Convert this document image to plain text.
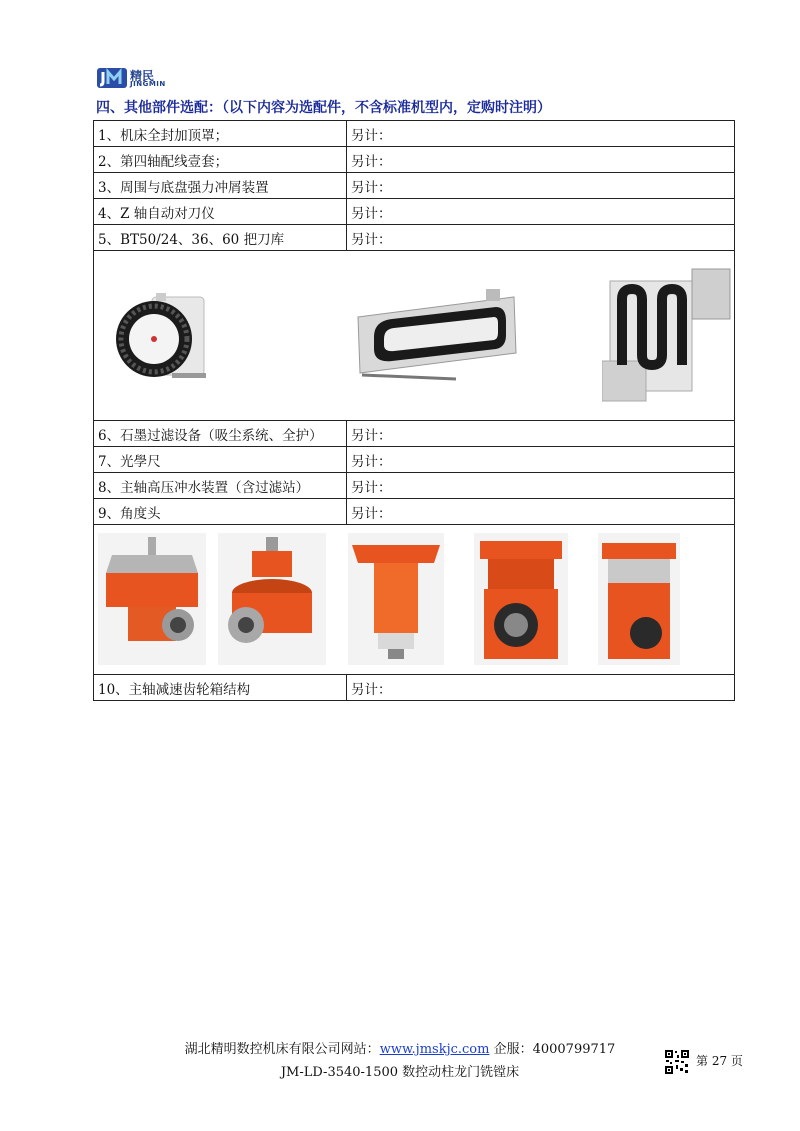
精民
JINGMIN
四、其他部件选配：（以下内容为选配件，不含标准机型内，定购时注明）
1、机床全封加顶罩；	另计：
2、第四轴配线壹套；	另计：
3、周围与底盘强力冲屑装置	另计：
4、Z 轴自动对刀仪	另计：
5、BT50/24、36、60 把刀库	另计：

6、石墨过滤设备（吸尘系统、全护）	另计：
7、光學尺	另计：
8、主轴高压冲水装置（含过滤站）	另计：
9、角度头	另计：

10、主轴减速齿轮箱结构	另计：
湖北精明数控机床有限公司网站：www.jmskjc.com 企服：4000799717
JM-LD-3540-1500 数控动柱龙门铣镗床
第 27 页
